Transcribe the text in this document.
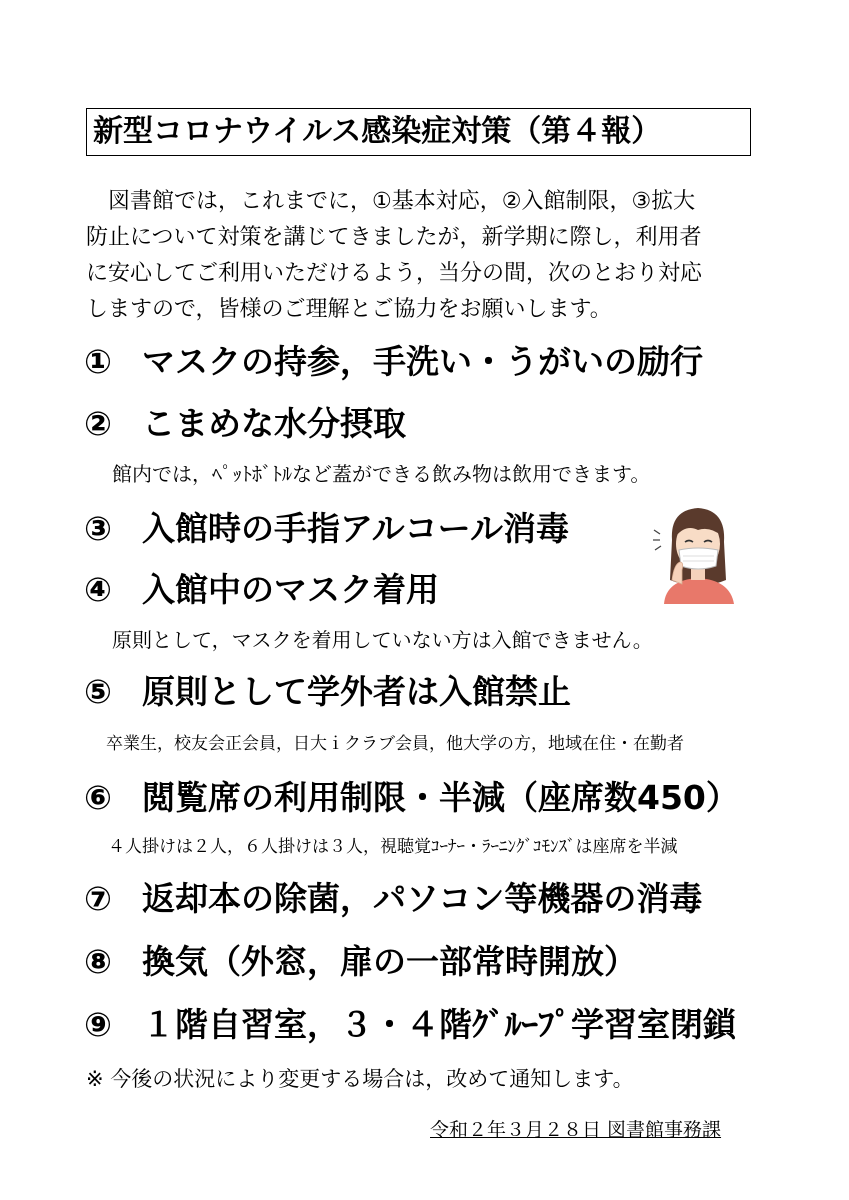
新型コロナウイルス感染症対策（第４報）
　図書館では，これまでに，①基本対応，②入館制限，③拡大
防止について対策を講じてきましたが，新学期に際し，利用者
に安心してご利用いただけるよう，当分の間，次のとおり対応
しますので，皆様のご理解とご協力をお願いします。
① マスクの持参，手洗い・うがいの励行
② こまめな水分摂取
館内では，ﾍﾟｯﾄﾎﾞﾄﾙなど蓋ができる飲み物は飲用できます。
③ 入館時の手指アルコール消毒
④ 入館中のマスク着用
原則として，マスクを着用していない方は入館できません。
⑤ 原則として学外者は入館禁止
卒業生，校友会正会員，日大ｉクラブ会員，他大学の方，地域在住・在勤者
⑥ 閲覧席の利用制限・半減（座席数450）
４人掛けは２人，６人掛けは３人，視聴覚ｺｰﾅｰ・ﾗｰﾆﾝｸﾞｺﾓﾝｽﾞは座席を半減
⑦ 返却本の除菌，パソコン等機器の消毒
⑧ 換気（外窓，扉の一部常時開放）
⑨ １階自習室，３・４階ｸﾞﾙｰﾌﾟ学習室閉鎖
※ 今後の状況により変更する場合は，改めて通知します。
令和２年３月２８日 図書館事務課
